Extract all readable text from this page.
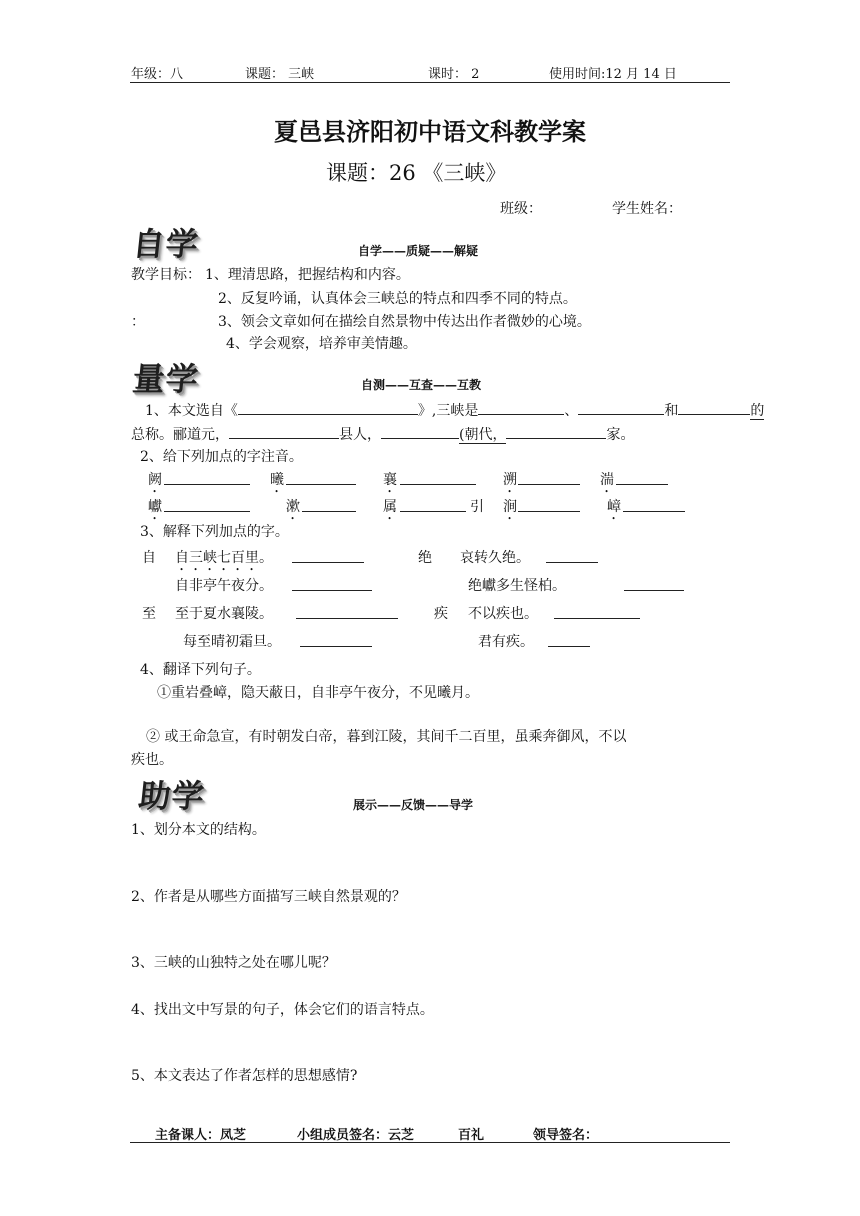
年级：八	课题： 三峡	课时： 2	使用时间:12 月 14 日
夏邑县济阳初中语文科教学案
课题：26 《三峡》
班级：	学生姓名：
自学	自学——质疑——解疑
教学目标： 1、理清思路，把握结构和内容。
2、反复吟诵，认真体会三峡总的特点和四季不同的特点。
：	3、领会文章如何在描绘自然景物中传达出作者微妙的心境。
4、学会观察，培养审美情趣。
量学	自测——互查——互教
1、本文选自《	》,三峡是	、	和	的
总称。郦道元，	县人，	(朝代，	家。
2、给下列加点的字注音。
阙	曦	襄	溯	湍
巘	漱	属	引 涧	嶂
3、解释下列加点的字。
自 自三峡七百里。	绝 哀转久绝。
自非亭午夜分。	绝巘多生怪柏。
至 至于夏水襄陵。	疾 不以疾也。
每至晴初霜旦。	君有疾。
4、翻译下列句子。
①重岩叠嶂，隐天蔽日，自非亭午夜分，不见曦月。
② 或王命急宣，有时朝发白帝，暮到江陵，其间千二百里，虽乘奔御风，不以
疾也。
助学	展示——反馈——导学
1、划分本文的结构。
2、作者是从哪些方面描写三峡自然景观的？
3、三峡的山独特之处在哪儿呢？
4、找出文中写景的句子，体会它们的语言特点。
5、本文表达了作者怎样的思想感情?
主备课人：凤芝	小组成员签名：云芝	百礼	领导签名：
